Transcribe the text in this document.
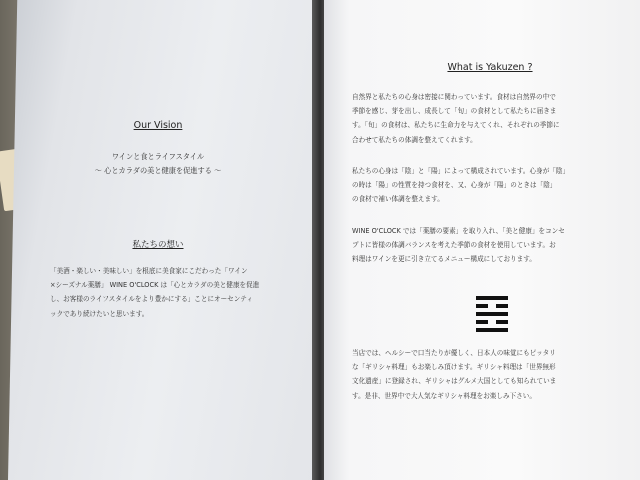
Our Vision
ワインと食とライフスタイル
～ 心とカラダの美と健康を促進する ～
私たちの想い
「美酒・楽しい・美味しい」を根底に美食家にこだわった「ワイン
×シーズナル薬膳」 WINE O'CLOCK は「心とカラダの美と健康を促進
し、お客様のライフスタイルをより豊かにする」ことにオーセンティ
ックであり続けたいと思います。
What is Yakuzen ?
自然界と私たちの心身は密接に関わっています。食材は自然界の中で
季節を感じ、芽を出し、成長して「旬」の食材として私たちに届きま
す。「旬」の食材は、私たちに生命力を与えてくれ、それぞれの季節に
合わせて私たちの体調を整えてくれます。
私たちの心身は「陰」と「陽」によって構成されています。心身が「陰」
の時は「陽」の性質を持つ食材を、又、心身が「陽」のときは「陰」
の食材で補い体調を整えます。
WINE O'CLOCK では「薬膳の要素」を取り入れ、「美と健康」をコンセ
プトに皆様の体調バランスを考えた季節の食材を使用しています。お
料理はワインを更に引き立てるメニュー構成にしております。
当店では、ヘルシーで口当たりが優しく、日本人の味覚にもピッタリ
な「ギリシャ料理」もお楽しみ頂けます。ギリシャ料理は「世界無形
文化遺産」に登録され、ギリシャはグルメ大国としても知られていま
す。是非、世界中で大人気なギリシャ料理をお楽しみ下さい。
